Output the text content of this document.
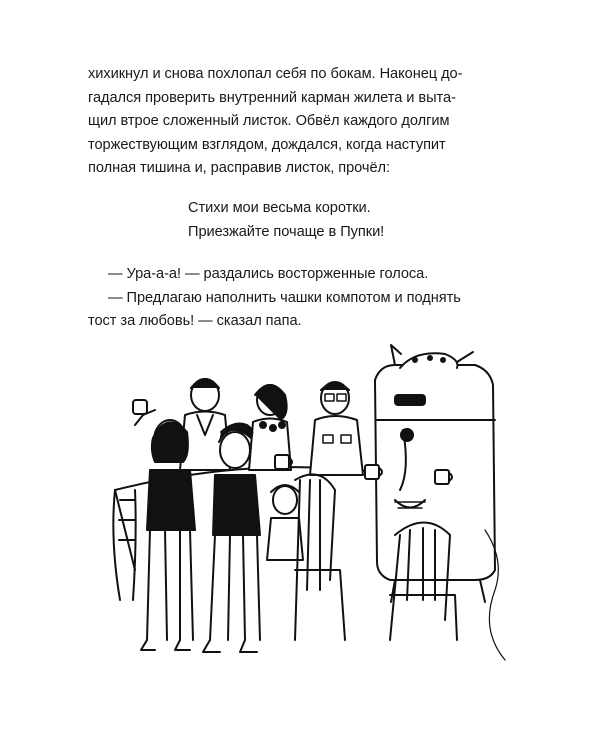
хихикнул и снова похлопал себя по бокам. Наконец до-
гадался проверить внутренний карман жилета и выта-
щил втрое сложенный листок. Обвёл каждого долгим
торжествующим взглядом, дождался, когда наступит
полная тишина и, расправив листок, прочёл:
Стихи мои весьма коротки.
Приезжайте почаще в Пупки!
— Ура-а-а! — раздались восторженные голоса.
— Предлагаю наполнить чашки компотом и поднять
тост за любовь! — сказал папа.
